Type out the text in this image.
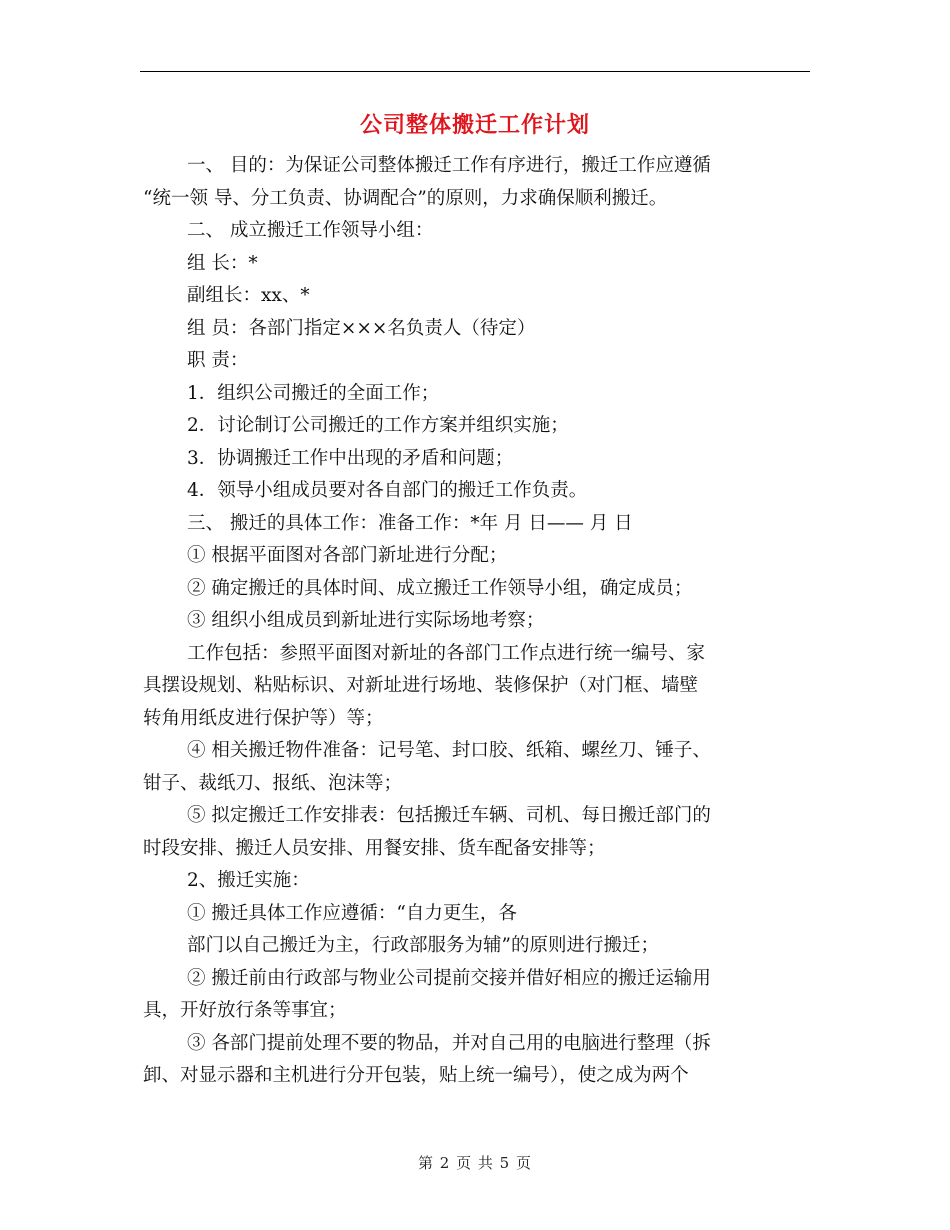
公司整体搬迁工作计划
一、 目的：为保证公司整体搬迁工作有序进行，搬迁工作应遵循
“统一领 导、分工负责、协调配合”的原则，力求确保顺利搬迁。
二、 成立搬迁工作领导小组：
组 长：*
副组长：xx、*
组 员：各部门指定×××名负责人（待定）
职 责：
1．组织公司搬迁的全面工作；
2．讨论制订公司搬迁的工作方案并组织实施；
3．协调搬迁工作中出现的矛盾和问题；
4．领导小组成员要对各自部门的搬迁工作负责。
三、 搬迁的具体工作：准备工作：*年 月 日—— 月 日
① 根据平面图对各部门新址进行分配；
② 确定搬迁的具体时间、成立搬迁工作领导小组，确定成员；
③ 组织小组成员到新址进行实际场地考察；
工作包括：参照平面图对新址的各部门工作点进行统一编号、家
具摆设规划、粘贴标识、对新址进行场地、装修保护（对门框、墙壁
转角用纸皮进行保护等）等；
④ 相关搬迁物件准备：记号笔、封口胶、纸箱、螺丝刀、锤子、
钳子、裁纸刀、报纸、泡沫等；
⑤ 拟定搬迁工作安排表：包括搬迁车辆、司机、每日搬迁部门的
时段安排、搬迁人员安排、用餐安排、货车配备安排等；
2、搬迁实施：
① 搬迁具体工作应遵循：“自力更生，各
部门以自己搬迁为主，行政部服务为辅”的原则进行搬迁；
② 搬迁前由行政部与物业公司提前交接并借好相应的搬迁运输用
具，开好放行条等事宜；
③ 各部门提前处理不要的物品，并对自己用的电脑进行整理（拆
卸、对显示器和主机进行分开包装，贴上统一编号），使之成为两个
第 2 页 共 5 页
